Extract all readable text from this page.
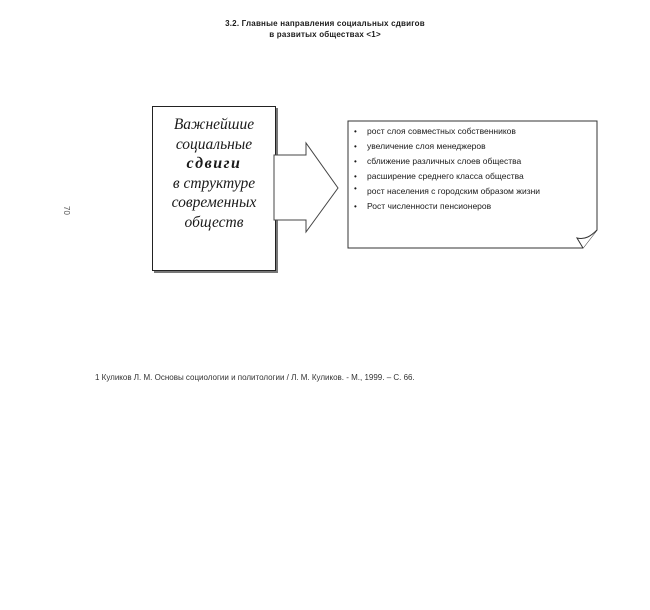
3.2. Главные направления социальных сдвигов
в развитых обществах <1>
70
Важнейшие
социальные
сдвиги
в структуре
современных
обществ
• рост слоя совместных собственников
• увеличение слоя менеджеров
• сближение различных слоев общества
• расширение среднего класса общества
• рост населения с городским образом жизни
• Рост численности пенсионеров
1 Куликов Л. М. Основы социологии и политологии / Л. М. Куликов. - М., 1999. – С. 66.
